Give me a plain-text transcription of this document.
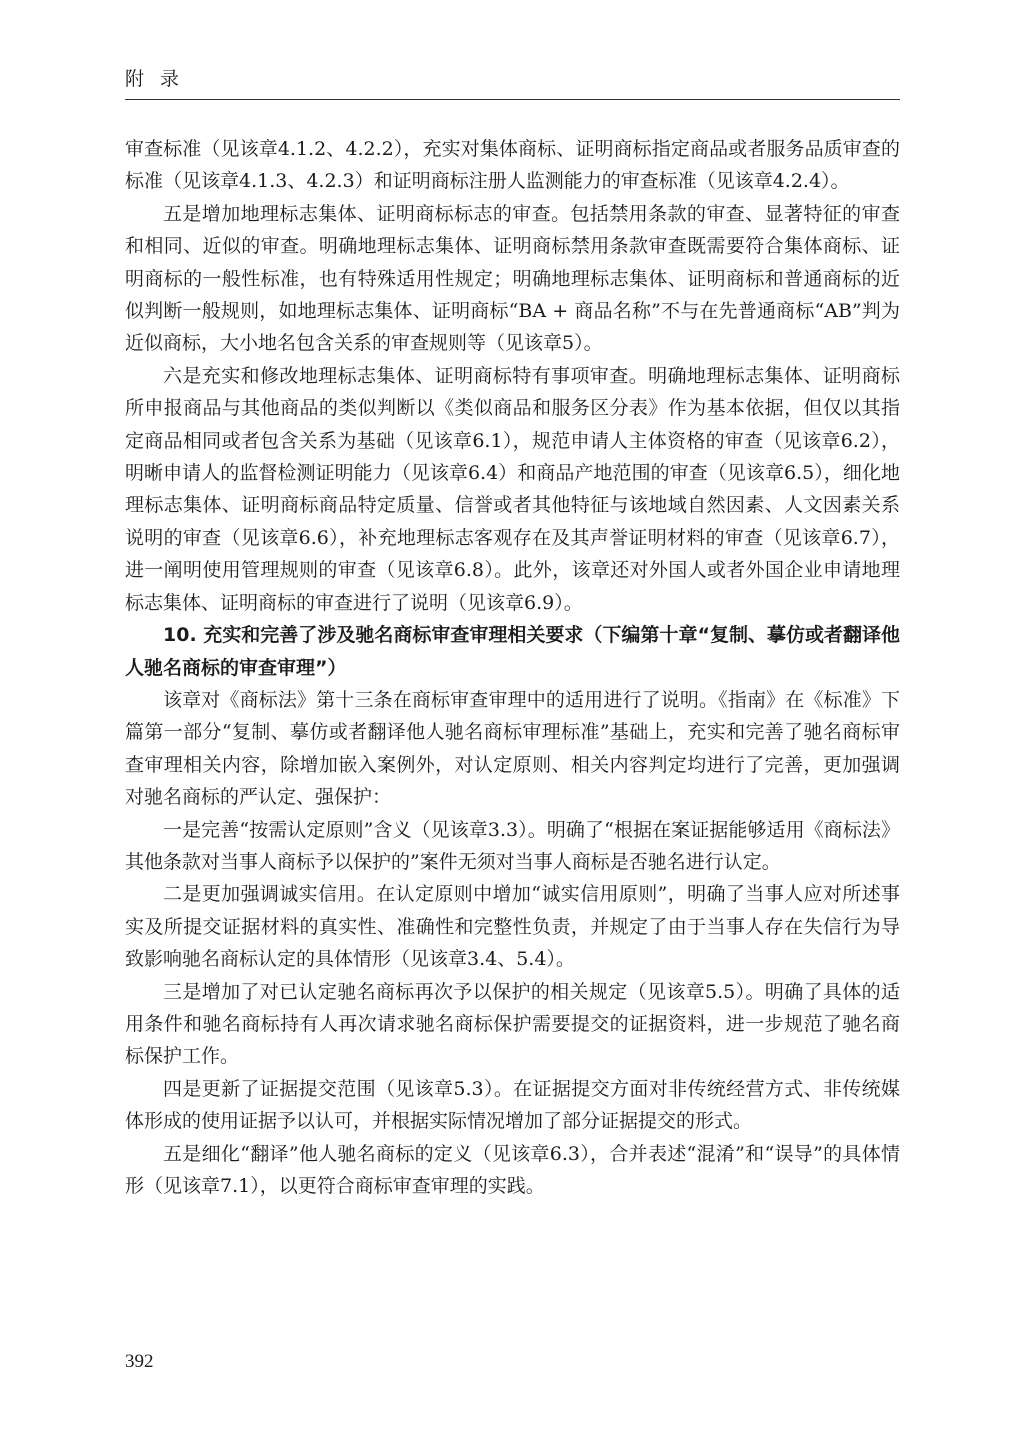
附录

审查标准（见该章4.1.2、4.2.2），充实对集体商标、证明商标指定商品或者服务品质审查的标准（见该章4.1.3、4.2.3）和证明商标注册人监测能力的审查标准（见该章4.2.4）。

五是增加地理标志集体、证明商标标志的审查。包括禁用条款的审查、显著特征的审查和相同、近似的审查。明确地理标志集体、证明商标禁用条款审查既需要符合集体商标、证明商标的一般性标准，也有特殊适用性规定；明确地理标志集体、证明商标和普通商标的近似判断一般规则，如地理标志集体、证明商标“BA + 商品名称”不与在先普通商标“AB”判为近似商标，大小地名包含关系的审查规则等（见该章5）。

六是充实和修改地理标志集体、证明商标特有事项审查。明确地理标志集体、证明商标所申报商品与其他商品的类似判断以《类似商品和服务区分表》作为基本依据，但仅以其指定商品相同或者包含关系为基础（见该章6.1），规范申请人主体资格的审查（见该章6.2），明晰申请人的监督检测证明能力（见该章6.4）和商品产地范围的审查（见该章6.5），细化地理标志集体、证明商标商品特定质量、信誉或者其他特征与该地域自然因素、人文因素关系说明的审查（见该章6.6），补充地理标志客观存在及其声誉证明材料的审查（见该章6.7），进一阐明使用管理规则的审查（见该章6.8）。此外，该章还对外国人或者外国企业申请地理标志集体、证明商标的审查进行了说明（见该章6.9）。

10. 充实和完善了涉及驰名商标审查审理相关要求（下编第十章“复制、摹仿或者翻译他人驰名商标的审查审理”）

该章对《商标法》第十三条在商标审查审理中的适用进行了说明。《指南》在《标准》下篇第一部分“复制、摹仿或者翻译他人驰名商标审理标准”基础上，充实和完善了驰名商标审查审理相关内容，除增加嵌入案例外，对认定原则、相关内容判定均进行了完善，更加强调对驰名商标的严认定、强保护：

一是完善“按需认定原则”含义（见该章3.3）。明确了“根据在案证据能够适用《商标法》其他条款对当事人商标予以保护的”案件无须对当事人商标是否驰名进行认定。

二是更加强调诚实信用。在认定原则中增加“诚实信用原则”，明确了当事人应对所述事实及所提交证据材料的真实性、准确性和完整性负责，并规定了由于当事人存在失信行为导致影响驰名商标认定的具体情形（见该章3.4、5.4）。

三是增加了对已认定驰名商标再次予以保护的相关规定（见该章5.5）。明确了具体的适用条件和驰名商标持有人再次请求驰名商标保护需要提交的证据资料，进一步规范了驰名商标保护工作。

四是更新了证据提交范围（见该章5.3）。在证据提交方面对非传统经营方式、非传统媒体形成的使用证据予以认可，并根据实际情况增加了部分证据提交的形式。

五是细化“翻译”他人驰名商标的定义（见该章6.3），合并表述“混淆”和“误导”的具体情形（见该章7.1），以更符合商标审查审理的实践。

392
